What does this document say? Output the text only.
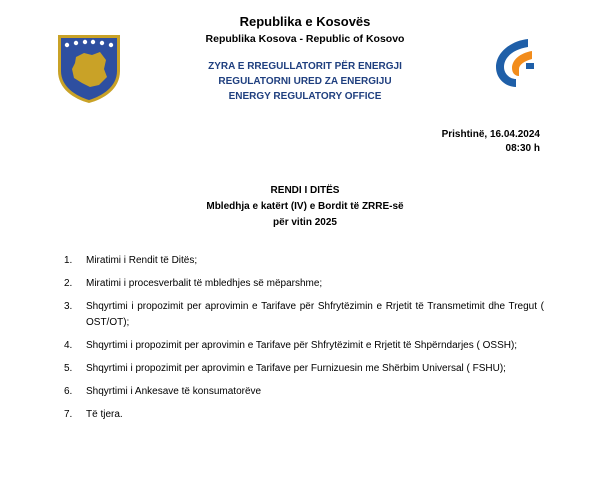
Republika e Kosovës
Republika Kosova - Republic of Kosovo
ZYRA E RREGULLATORIT PËR ENERGJI
REGULATORNI URED ZA ENERGIJU
ENERGY REGULATORY OFFICE
Prishtinë, 16.04.2024
08:30 h
RENDI I DITËS
Mbledhja e katërt (IV) e Bordit të ZRRE-së
për vitin 2025
1.	Miratimi i Rendit të Ditës;
2.	Miratimi i procesverbalit të mbledhjes së mëparshme;
3.	Shqyrtimi i propozimit per aprovimin e Tarifave për Shfrytëzimin e Rrjetit të Transmetimit dhe Tregut ( OST/OT);
4.	Shqyrtimi i propozimit per aprovimin e Tarifave për Shfrytëzimit e Rrjetit të Shpërndarjes ( OSSH);
5.	Shqyrtimi i propozimit per aprovimin e Tarifave per Furnizuesin me Shërbim Universal ( FSHU);
6.	Shqyrtimi i Ankesave të konsumatorëve
7.	Të tjera.
